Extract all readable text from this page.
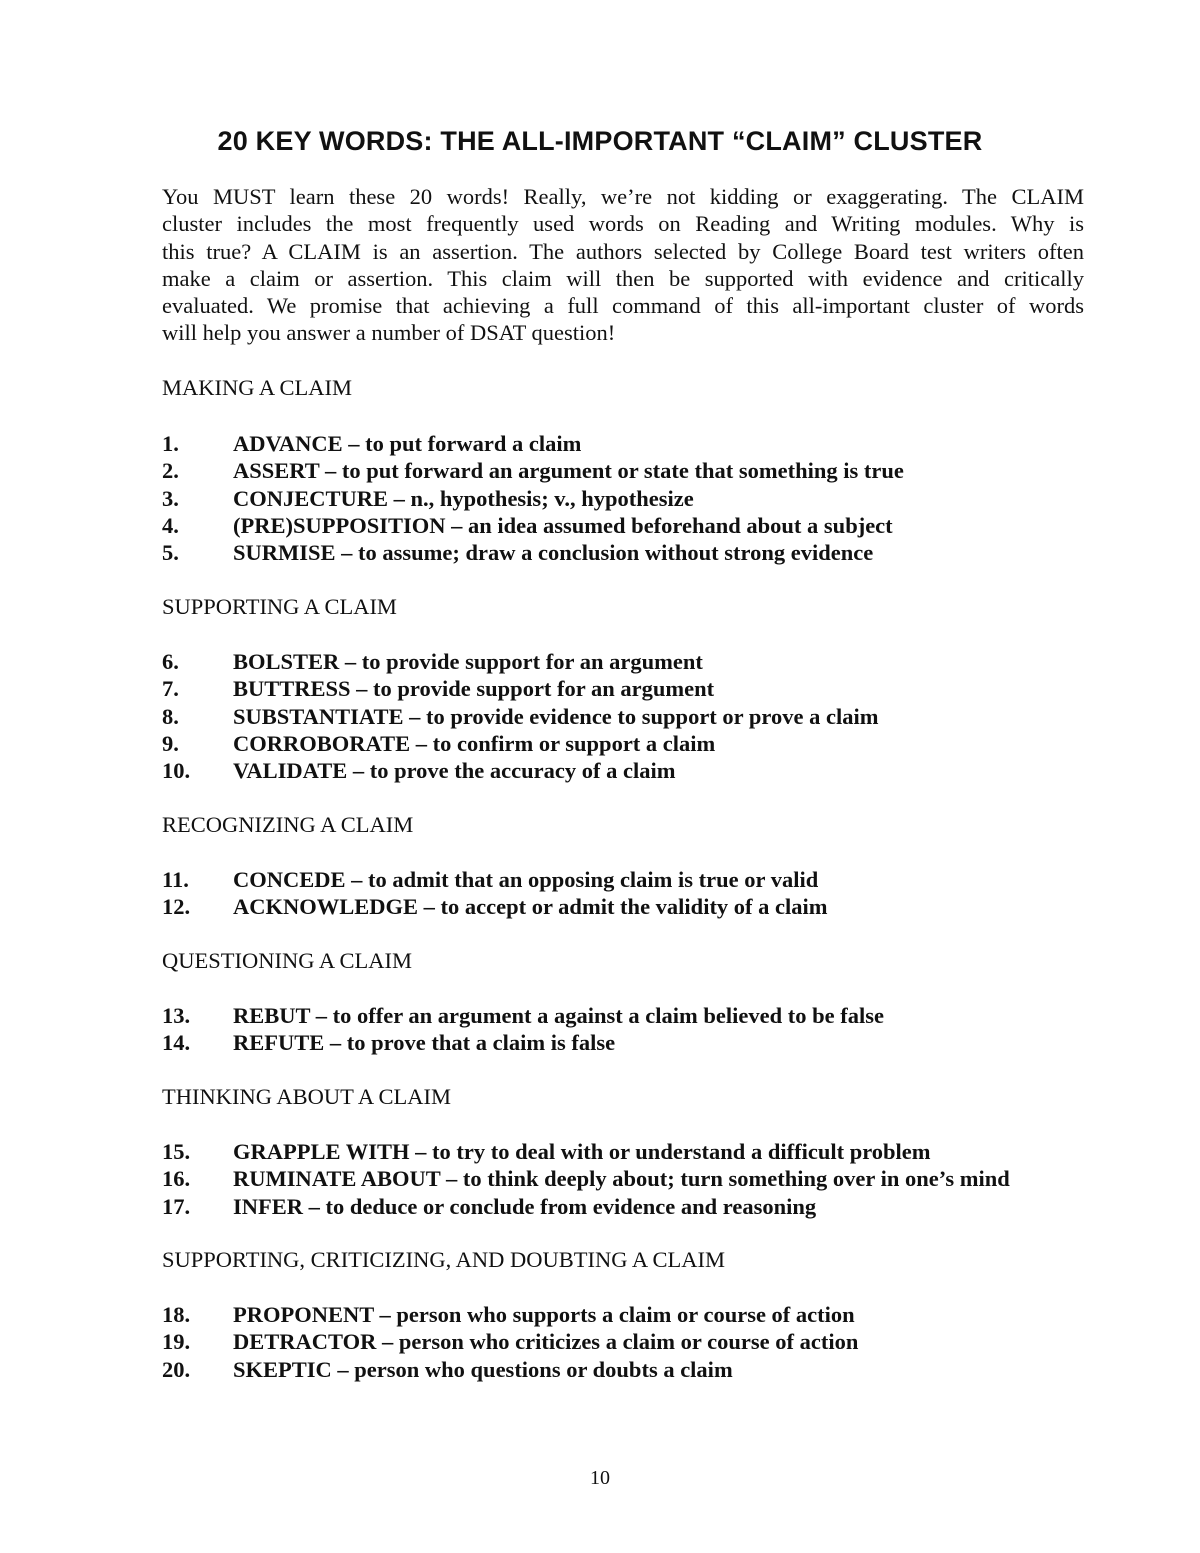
20 KEY WORDS: THE ALL-IMPORTANT “CLAIM” CLUSTER

You MUST learn these 20 words! Really, we’re not kidding or exaggerating. The CLAIM
cluster includes the most frequently used words on Reading and Writing modules. Why is
this true? A CLAIM is an assertion. The authors selected by College Board test writers often
make a claim or assertion. This claim will then be supported with evidence and critically
evaluated. We promise that achieving a full command of this all-important cluster of words
will help you answer a number of DSAT question!

MAKING A CLAIM
1.	ADVANCE – to put forward a claim
2.	ASSERT – to put forward an argument or state that something is true
3.	CONJECTURE – n., hypothesis; v., hypothesize
4.	(PRE)SUPPOSITION – an idea assumed beforehand about a subject
5.	SURMISE – to assume; draw a conclusion without strong evidence
SUPPORTING A CLAIM
6.	BOLSTER – to provide support for an argument
7.	BUTTRESS – to provide support for an argument
8.	SUBSTANTIATE – to provide evidence to support or prove a claim
9.	CORROBORATE – to confirm or support a claim
10.	VALIDATE – to prove the accuracy of a claim
RECOGNIZING A CLAIM
11.	CONCEDE – to admit that an opposing claim is true or valid
12.	ACKNOWLEDGE – to accept or admit the validity of a claim
QUESTIONING A CLAIM
13.	REBUT – to offer an argument a against a claim believed to be false
14.	REFUTE – to prove that a claim is false
THINKING ABOUT A CLAIM
15.	GRAPPLE WITH – to try to deal with or understand a difficult problem
16.	RUMINATE ABOUT – to think deeply about; turn something over in one’s mind
17.	INFER – to deduce or conclude from evidence and reasoning
SUPPORTING, CRITICIZING, AND DOUBTING A CLAIM
18.	PROPONENT – person who supports a claim or course of action
19.	DETRACTOR – person who criticizes a claim or course of action
20.	SKEPTIC – person who questions or doubts a claim
10
